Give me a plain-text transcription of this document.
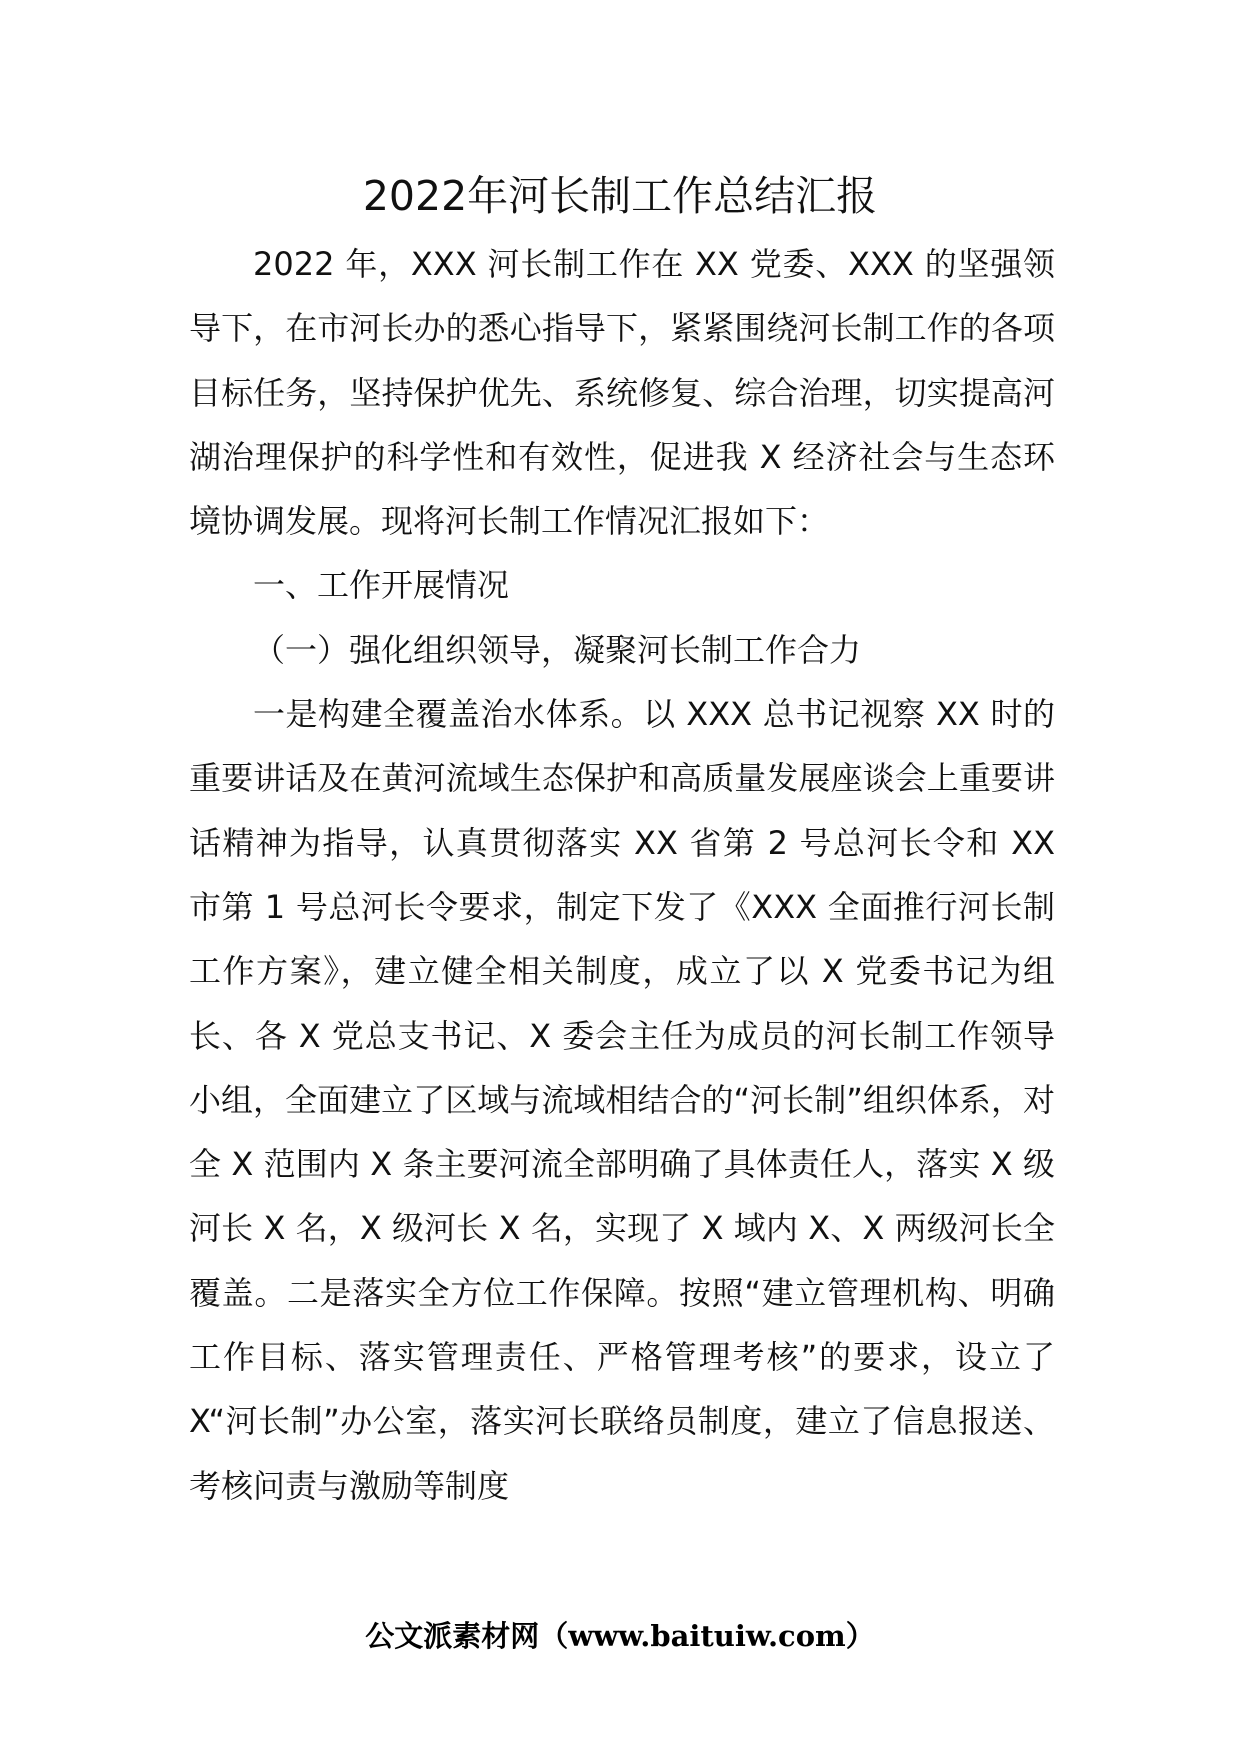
2022年河长制工作总结汇报

2022 年，XXX 河长制工作在 XX 党委、XXX 的坚强领导下，在市河长办的悉心指导下，紧紧围绕河长制工作的各项目标任务，坚持保护优先、系统修复、综合治理，切实提高河湖治理保护的科学性和有效性，促进我 X 经济社会与生态环境协调发展。现将河长制工作情况汇报如下：

一、工作开展情况

（一）强化组织领导，凝聚河长制工作合力

一是构建全覆盖治水体系。以 XXX 总书记视察 XX 时的重要讲话及在黄河流域生态保护和高质量发展座谈会上重要讲话精神为指导，认真贯彻落实 XX 省第 2 号总河长令和 XX 市第 1 号总河长令要求，制定下发了《XXX 全面推行河长制工作方案》，建立健全相关制度，成立了以 X 党委书记为组长、各 X 党总支书记、X 委会主任为成员的河长制工作领导小组，全面建立了区域与流域相结合的“河长制”组织体系，对全 X 范围内 X 条主要河流全部明确了具体责任人，落实 X 级河长 X 名，X 级河长 X 名，实现了 X 域内 X、X 两级河长全覆盖。二是落实全方位工作保障。按照“建立管理机构、明确工作目标、落实管理责任、严格管理考核”的要求，设立了 X“河长制”办公室，落实河长联络员制度，建立了信息报送、考核问责与激励等制度

公文派素材网（www.baituiw.com）
